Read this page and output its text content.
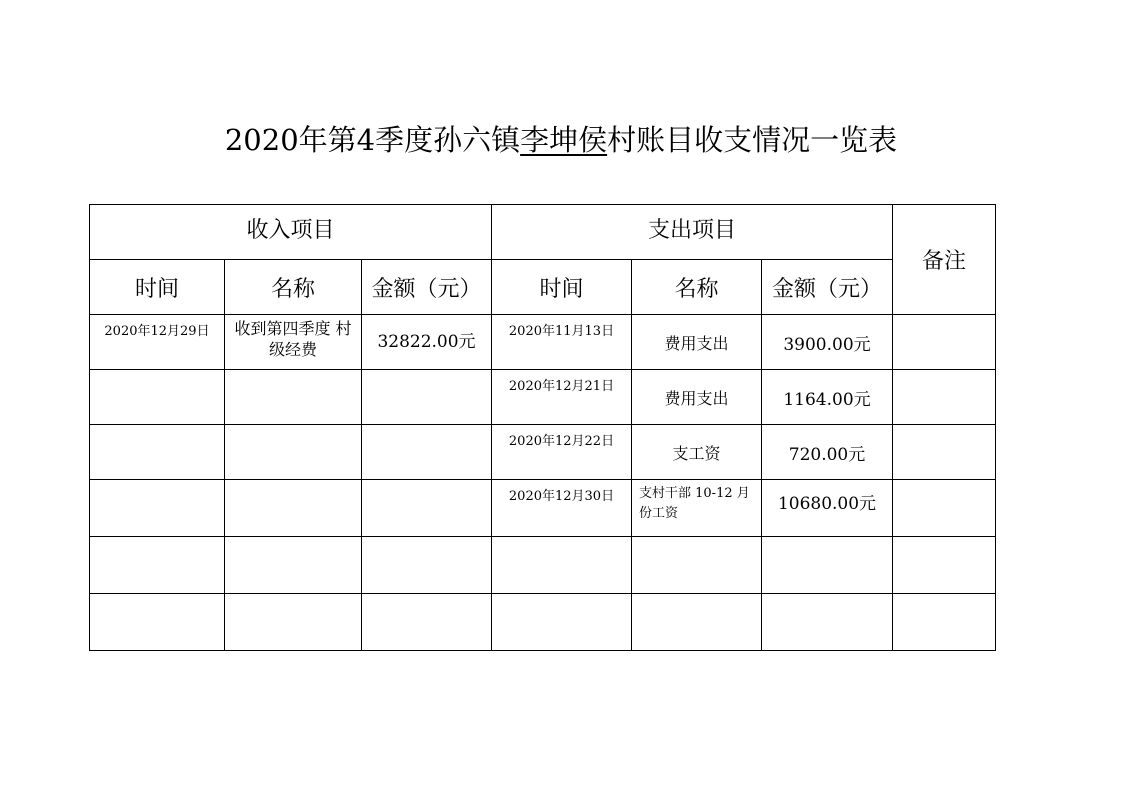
2020年第4季度孙六镇李坤侯村账目收支情况一览表
收入项目			支出项目			备注
时间	名称	金额（元）	时间	名称	金额（元）	

2020年12月29日	收到第四季度 村级经费	32822.00元	2020年11月13日	费用支出	3900.00元	

			2020年12月21日	费用支出	1164.00元	

			2020年12月22日	支工资	720.00元	

			2020年12月30日	支村干部 10-12 月份工资	10680.00元	
